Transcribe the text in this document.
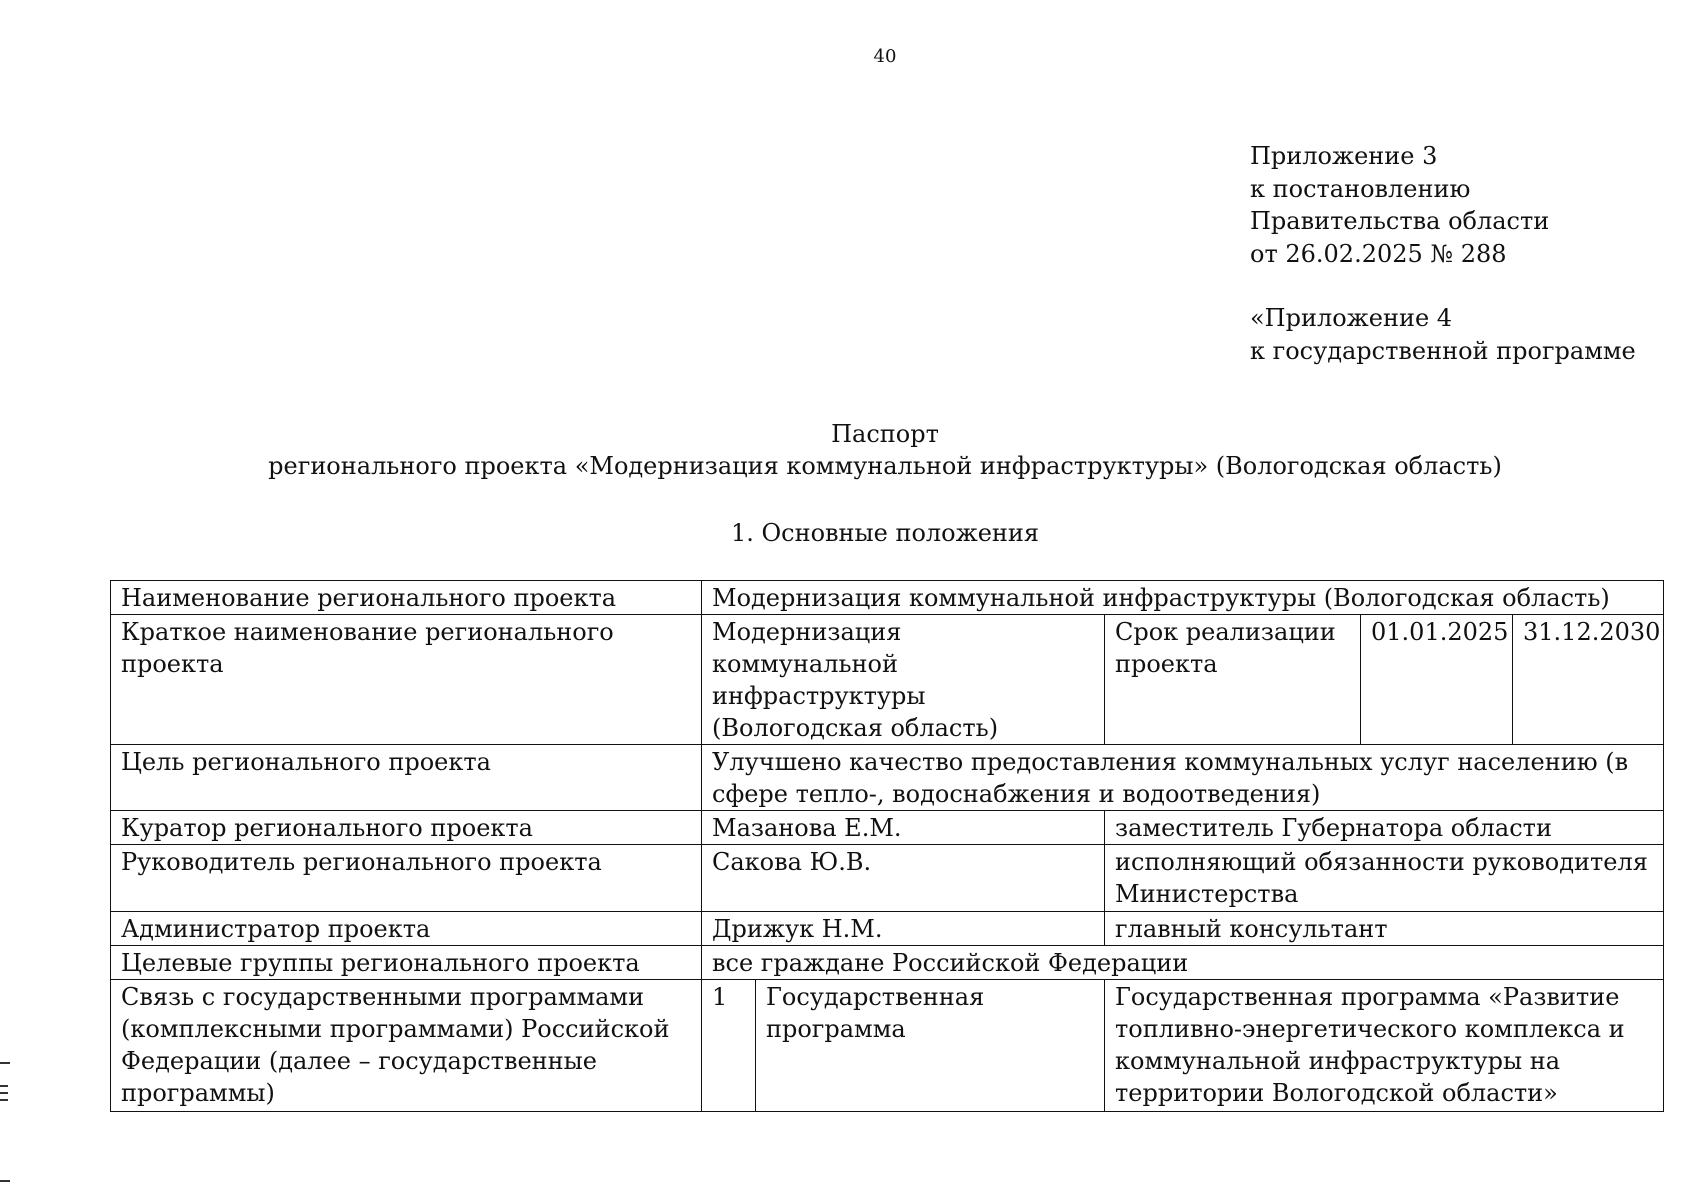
40
Приложение 3
к постановлению
Правительства области
от 26.02.2025 № 288
«Приложение 4
к государственной программе
Паспорт
регионального проекта «Модернизация коммунальной инфраструктуры» (Вологодская область)
1. Основные положения
Наименование регионального проекта	Модернизация коммунальной инфраструктуры (Вологодская область)				
Краткое наименование регионального проекта	Модернизация коммунальной инфраструктуры (Вологодская область)		Срок реализации проекта	01.01.2025	31.12.2030
Цель регионального проекта	Улучшено качество предоставления коммунальных услуг населению (в сфере тепло-, водоснабжения и водоотведения)				
Куратор регионального проекта	Мазанова Е.М.		заместитель Губернатора области		
Руководитель регионального проекта	Сакова Ю.В.		исполняющий обязанности руководителя Министерства		
Администратор проекта	Дрижук Н.М.		главный консультант		
Целевые группы регионального проекта	все граждане Российской Федерации				
Связь с государственными программами (комплексными программами) Российской Федерации (далее – государственные программы)	1	Государственная программа	Государственная программа «Развитие топливно-энергетического комплекса и коммунальной инфраструктуры на территории Вологодской области»		
